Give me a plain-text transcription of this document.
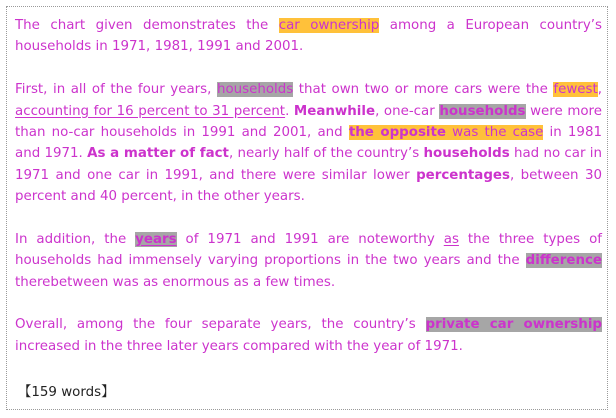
The chart given demonstrates the car ownership among a European country’s households in 1971, 1981, 1991 and 2001.

First, in all of the four years, households that own two or more cars were the fewest, accounting for 16 percent to 31 percent. Meanwhile, one-car households were more than no-car households in 1991 and 2001, and the opposite was the case in 1981 and 1971. As a matter of fact, nearly half of the country’s households had no car in 1971 and one car in 1991, and there were similar lower percentages, between 30 percent and 40 percent, in the other years.

In addition, the years of 1971 and 1991 are noteworthy as the three types of households had immensely varying proportions in the two years and the difference therebetween was as enormous as a few times.

Overall, among the four separate years, the country’s private car ownership increased in the three later years compared with the year of 1971.

【159 words】
